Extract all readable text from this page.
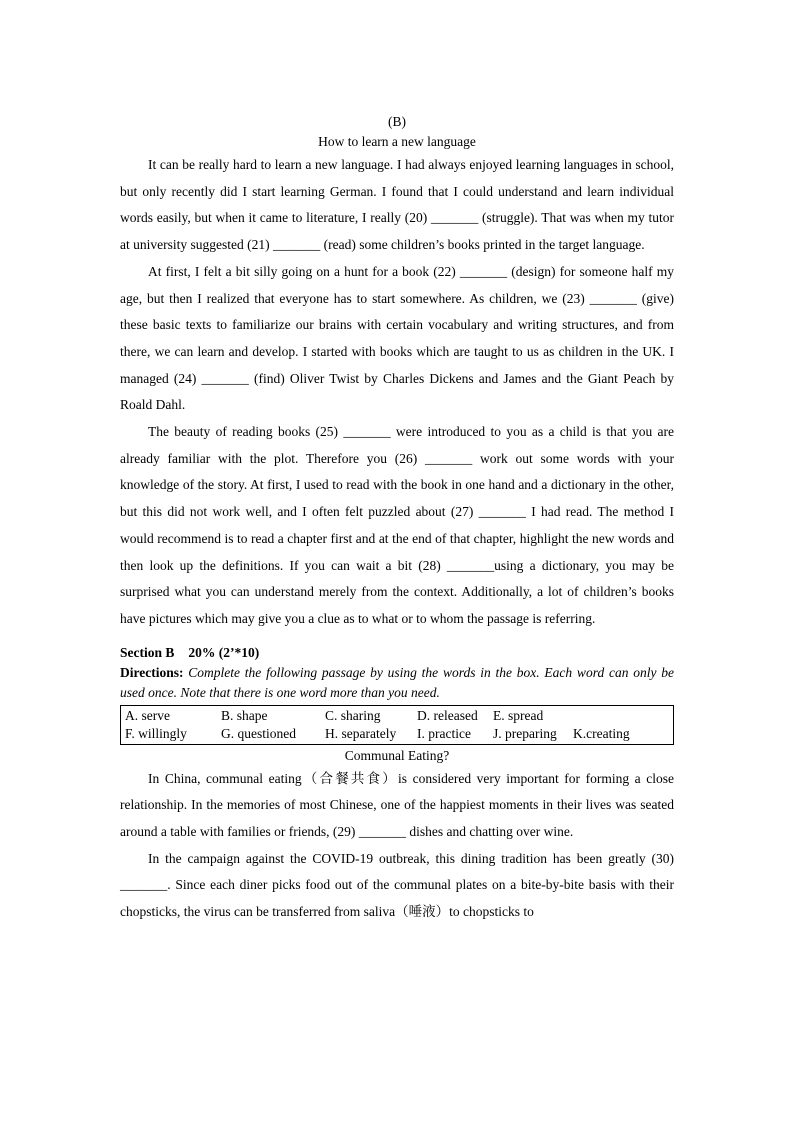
(B)
How to learn a new language

It can be really hard to learn a new language. I had always enjoyed learning languages in school, but only recently did I start learning German. I found that I could understand and learn individual words easily, but when it came to literature, I really (20) _______ (struggle). That was when my tutor at university suggested (21) _______ (read) some children’s books printed in the target language.

At first, I felt a bit silly going on a hunt for a book (22) _______ (design) for someone half my age, but then I realized that everyone has to start somewhere. As children, we (23) _______ (give) these basic texts to familiarize our brains with certain vocabulary and writing structures, and from there, we can learn and develop. I started with books which are taught to us as children in the UK. I managed (24) _______ (find) Oliver Twist by Charles Dickens and James and the Giant Peach by Roald Dahl.

The beauty of reading books (25) _______ were introduced to you as a child is that you are already familiar with the plot. Therefore you (26) _______ work out some words with your knowledge of the story. At first, I used to read with the book in one hand and a dictionary in the other, but this did not work well, and I often felt puzzled about (27) _______ I had read. The method I would recommend is to read a chapter first and at the end of that chapter, highlight the new words and then look up the definitions. If you can wait a bit (28) _______using a dictionary, you may be surprised what you can understand merely from the context. Additionally, a lot of children’s books have pictures which may give you a clue as to what or to whom the passage is referring.

Section B 20% (2’*10)

Directions: Complete the following passage by using the words in the box. Each word can only be used once. Note that there is one word more than you need.

A. serve	B. shape	C. sharing	D. released	E. spread
F. willingly	G. questioned	H. separately	I. practice	J. preparing	K.creating
Communal Eating?

In China, communal eating（合餐共食）is considered very important for forming a close relationship. In the memories of most Chinese, one of the happiest moments in their lives was seated around a table with families or friends, (29) _______ dishes and chatting over wine.

In the campaign against the COVID-19 outbreak, this dining tradition has been greatly (30) _______. Since each diner picks food out of the communal plates on a bite-by-bite basis with their chopsticks, the virus can be transferred from saliva（唾液）to chopsticks to
